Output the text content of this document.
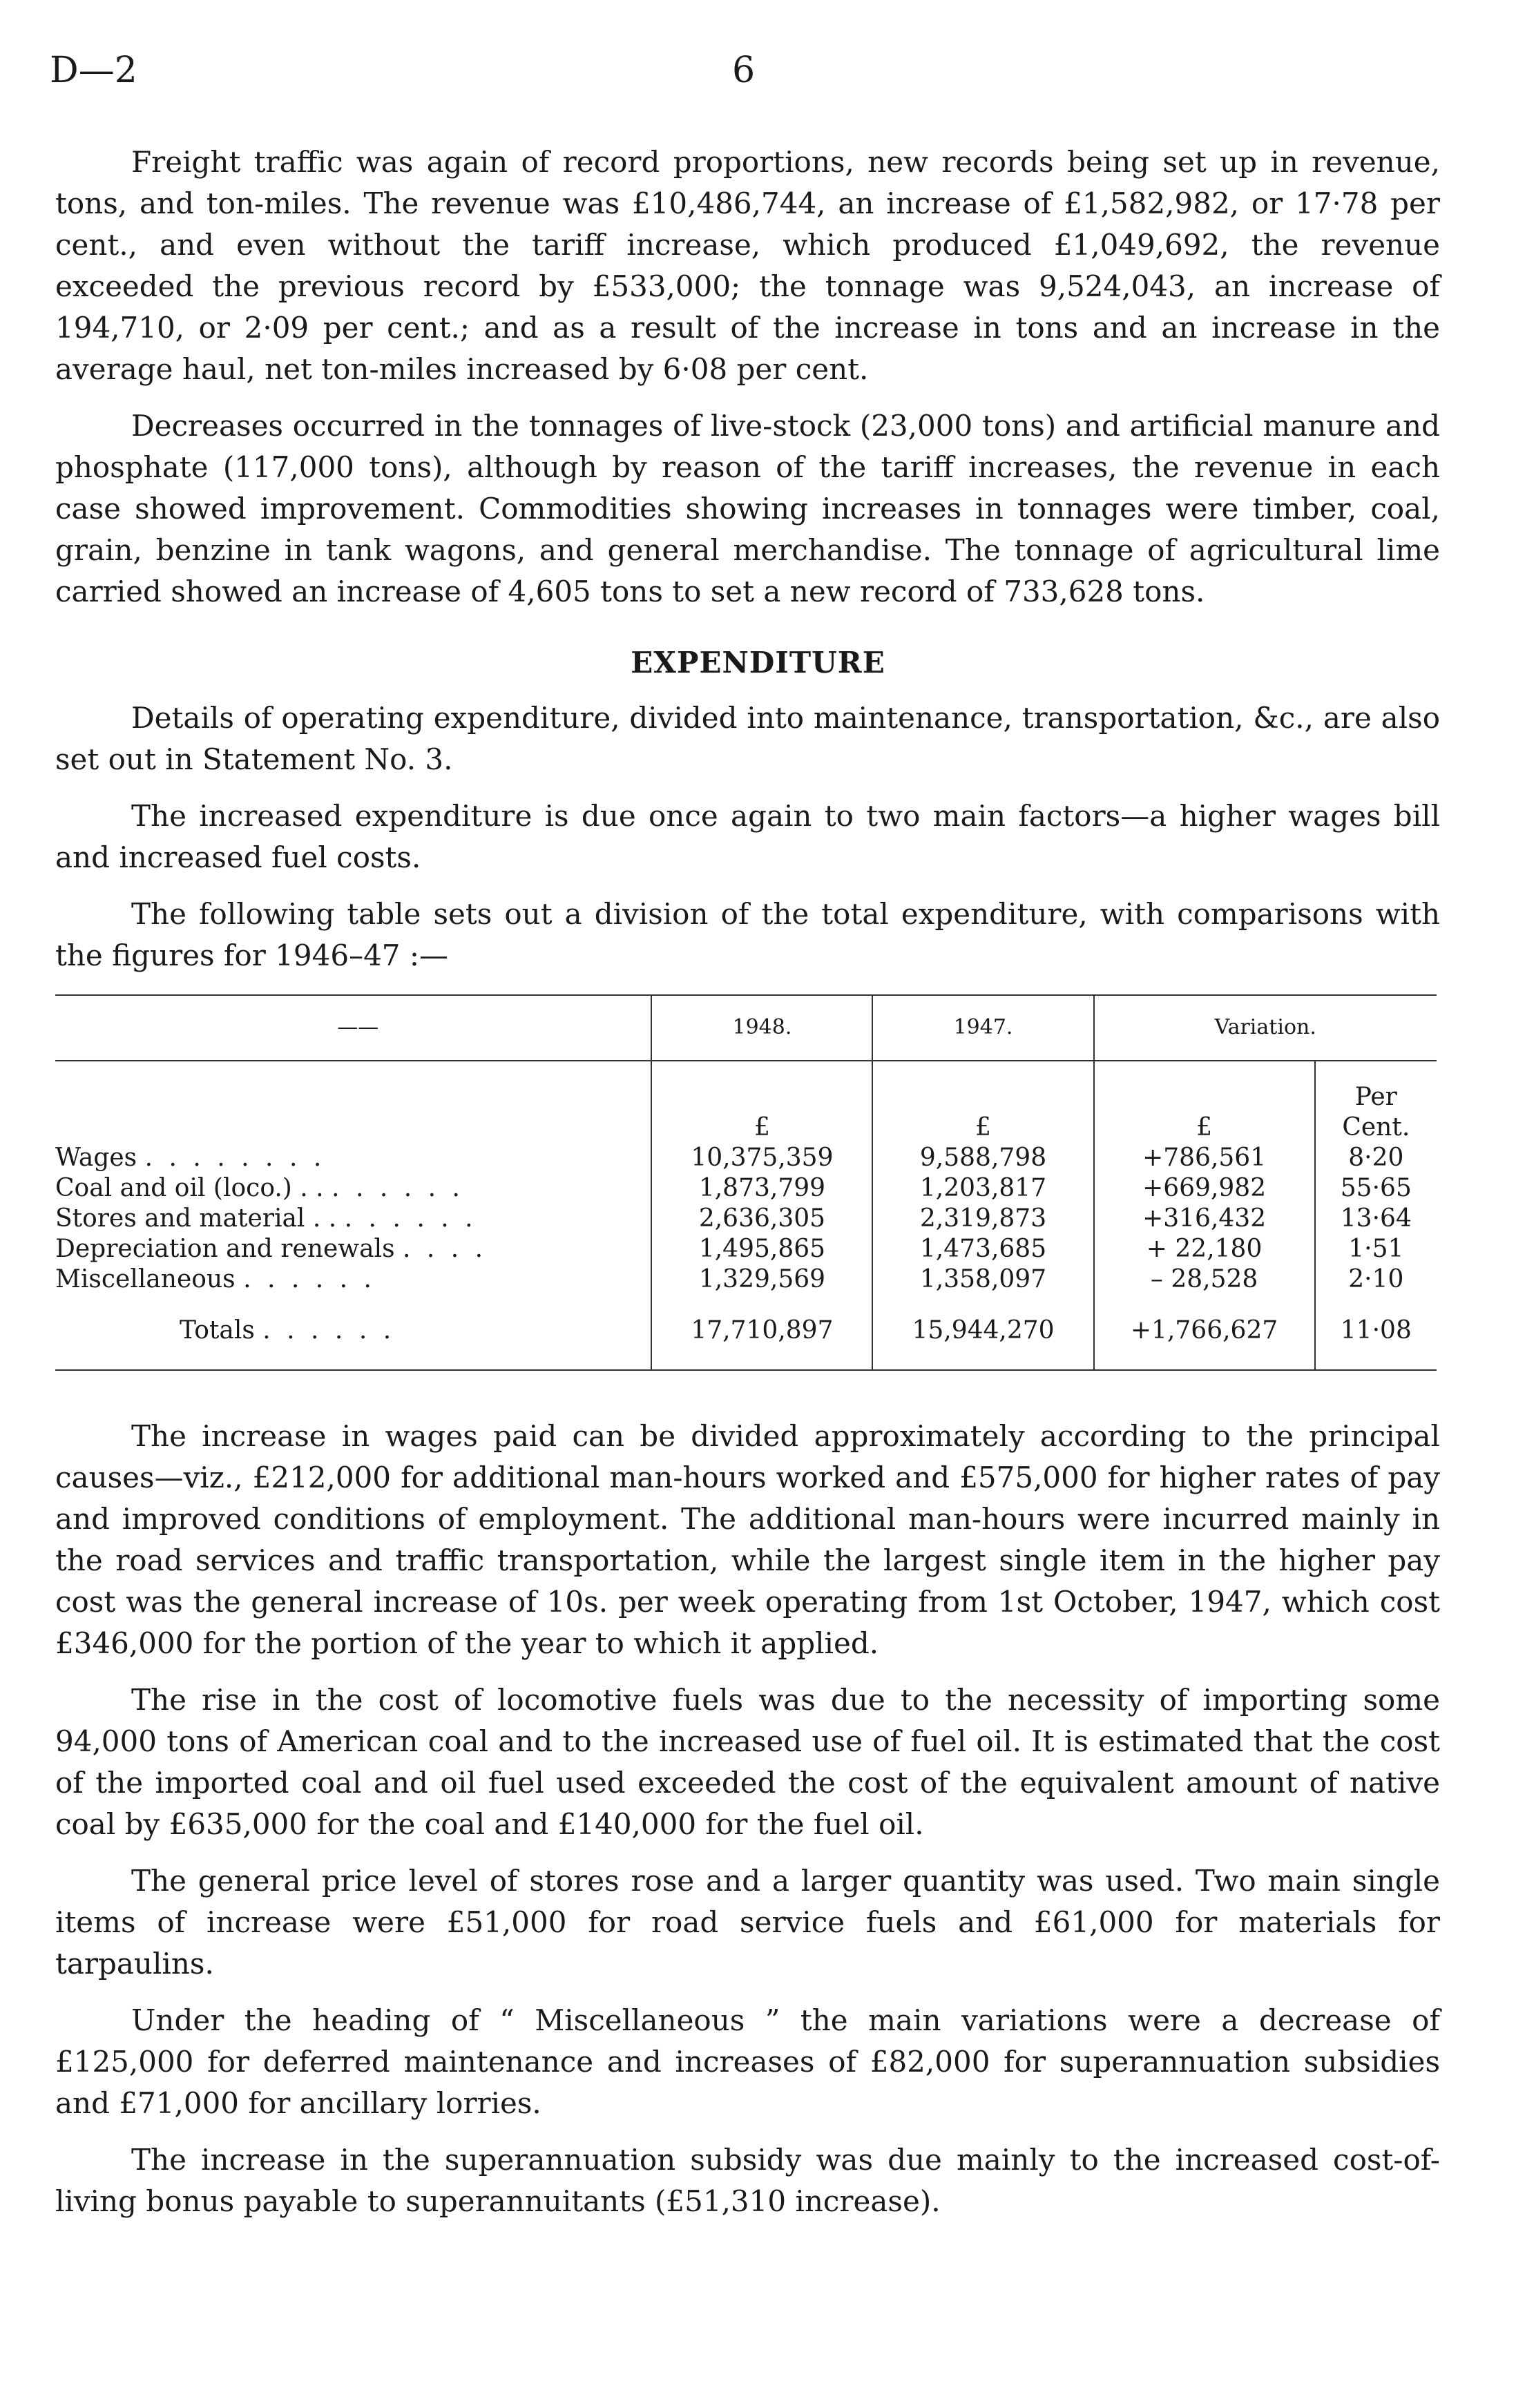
D—2	6

Freight traffic was again of record proportions, new records being set up in revenue, tons, and ton-miles. The revenue was £10,486,744, an increase of £1,582,982, or 17·78 per cent., and even without the tariff increase, which produced £1,049,692, the revenue exceeded the previous record by £533,000; the tonnage was 9,524,043, an increase of 194,710, or 2·09 per cent.; and as a result of the increase in tons and an increase in the average haul, net ton-miles increased by 6·08 per cent.

Decreases occurred in the tonnages of live-stock (23,000 tons) and artificial manure and phosphate (117,000 tons), although by reason of the tariff increases, the revenue in each case showed improvement. Commodities showing increases in tonnages were timber, coal, grain, benzine in tank wagons, and general merchandise. The tonnage of agricultural lime carried showed an increase of 4,605 tons to set a new record of 733,628 tons.

EXPENDITURE

Details of operating expenditure, divided into maintenance, transportation, &c., are also set out in Statement No. 3.

The increased expenditure is due once again to two main factors—a higher wages bill and increased fuel costs.

The following table sets out a division of the total expenditure, with comparisons with the figures for 1946–47 :—

——	1948.	1947.	Variation.	
	£	£	£	Per Cent.
Wages . . . . . . . .	10,375,359	9,588,798	+786,561	8·20
Coal and oil (loco.) . . . . . . . .	1,873,799	1,203,817	+669,982	55·65
Stores and material . . . . . . . .	2,636,305	2,319,873	+316,432	13·64
Depreciation and renewals . . . .	1,495,865	1,473,685	+ 22,180	1·51
Miscellaneous . . . . . .	1,329,569	1,358,097	– 28,528	2·10
Totals . . . . . .	17,710,897	15,944,270	+1,766,627	11·08

The increase in wages paid can be divided approximately according to the principal causes—viz., £212,000 for additional man-hours worked and £575,000 for higher rates of pay and improved conditions of employment. The additional man-hours were incurred mainly in the road services and traffic transportation, while the largest single item in the higher pay cost was the general increase of 10s. per week operating from 1st October, 1947, which cost £346,000 for the portion of the year to which it applied.

The rise in the cost of locomotive fuels was due to the necessity of importing some 94,000 tons of American coal and to the increased use of fuel oil. It is estimated that the cost of the imported coal and oil fuel used exceeded the cost of the equivalent amount of native coal by £635,000 for the coal and £140,000 for the fuel oil.

The general price level of stores rose and a larger quantity was used. Two main single items of increase were £51,000 for road service fuels and £61,000 for materials for tarpaulins.

Under the heading of “ Miscellaneous ” the main variations were a decrease of £125,000 for deferred maintenance and increases of £82,000 for superannuation subsidies and £71,000 for ancillary lorries.

The increase in the superannuation subsidy was due mainly to the increased cost-of-living bonus payable to superannuitants (£51,310 increase).
